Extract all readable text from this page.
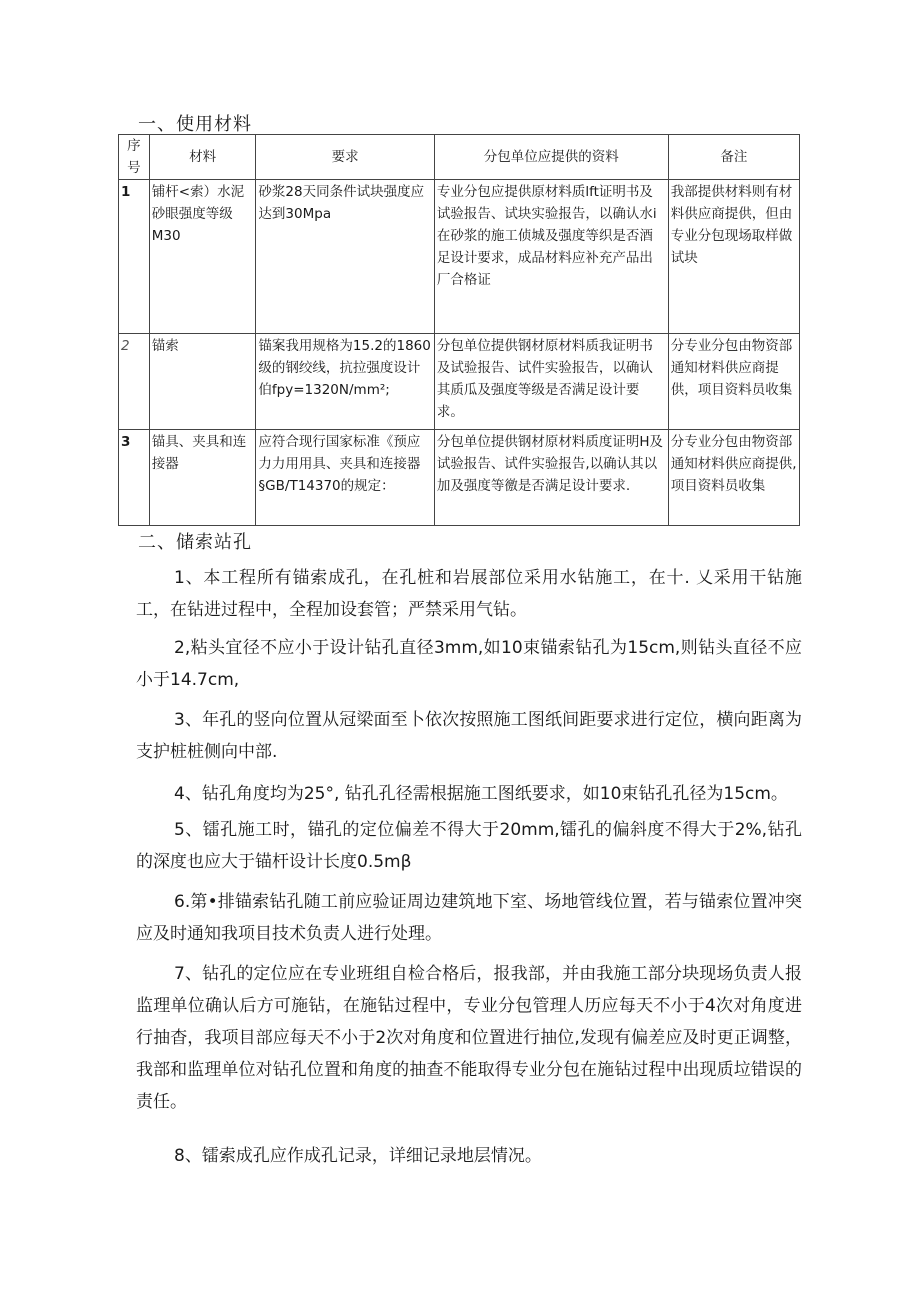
一、使用材料
序号	材料	要求	分包单位应提供的资料	备注
1	铺杆<索）水泥砂眼强度等级M30	砂浆28天同条件试块强度应达到30Mpa	专业分包应提供原材料质lft证明书及试验报告、试块实验报告，以确认水i在砂浆的施工侦城及强度等织是否酒足设计要求，成品材料应补充产品出厂合格证	我部提供材料则有材料供应商提供，但由专业分包现场取样做试块
2	锚索	锚案我用规格为15.2的1860级的钢绞线，抗拉强度设计伯fpy=1320N/mm²;	分包单位提供钢材原材料质我证明书及试验报告、试件实验报告，以确认其质瓜及强度等级是否满足设计要求。	分专业分包由物资部通知材料供应商提供，项目资料员收集
3	锚具、夹具和连接器	应符合现行国家标准《预应力力用用具、夹具和连接器§GB/T14370的规定：	分包单位提供钢材原材料质度证明H及试验报告、试件实验报告,以确认其以加及强度等徼是否满足设计要求.	分专业分包由物资部通知材料供应商提供,项目资料员收集
二、储索站孔

1、本工程所有锚索成孔，在孔桩和岩展部位采用水钻施工，在十. 乂采用干钻施工，在钻进过程中，全程加设套管；严禁采用气钻。

2,粘头宜径不应小于设计钻孔直径3mm,如10束锚索钻孔为15cm,则钻头直径不应小于14.7cm,

3、年孔的竖向位置从冠梁面至卜依次按照施工图纸间距要求进行定位，横向距离为支护桩桩侧向中部.

4、钻孔角度均为25°, 钻孔孔径需根据施工图纸要求，如10束钻孔孔径为15cm。

5、镭孔施工时，锚孔的定位偏差不得大于20mm,镭孔的偏斜度不得大于2%,钻孔的深度也应大于锚杆设计长度0.5mβ

6.第•排锚索钻孔随工前应验证周边建筑地下室、场地管线位置，若与锚索位置冲突应及时通知我项目技术负责人进行处理。

7、钻孔的定位应在专业班组自检合格后，报我部，并由我施工部分块现场负责人报监理单位确认后方可施钻，在施钻过程中，专业分包管理人历应每天不小于4次对角度进行抽杳，我项目部应每天不小于2次对角度和位置进行抽位,发现有偏差应及时更正调整，我部和监理单位对钻孔位置和角度的抽查不能取得专业分包在施钻过程中出现质垃错误的责任。

8、镭索成孔应作成孔记录，详细记录地层情况。
